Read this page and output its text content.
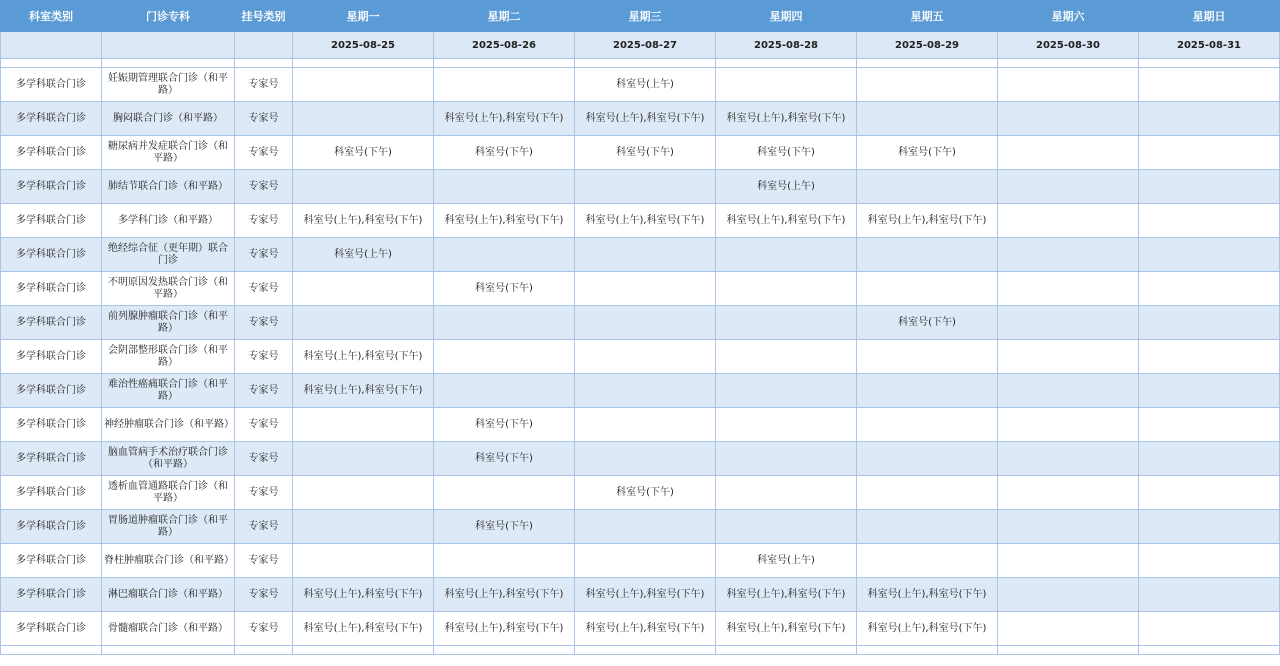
科室类别	门诊专科	挂号类别	星期一	星期二	星期三	星期四	星期五	星期六	星期日
			2025-08-25	2025-08-26	2025-08-27	2025-08-28	2025-08-29	2025-08-30	2025-08-31

多学科联合门诊	妊娠期管理联合门诊（和平路）	专家号			科室号(上午)				
多学科联合门诊	胸闷联合门诊（和平路）	专家号		科室号(上午),科室号(下午)	科室号(上午),科室号(下午)	科室号(上午),科室号(下午)			
多学科联合门诊	糖尿病并发症联合门诊（和平路）	专家号	科室号(下午)	科室号(下午)	科室号(下午)	科室号(下午)	科室号(下午)		
多学科联合门诊	肺结节联合门诊（和平路）	专家号				科室号(上午)			
多学科联合门诊	多学科门诊（和平路）	专家号	科室号(上午),科室号(下午)	科室号(上午),科室号(下午)	科室号(上午),科室号(下午)	科室号(上午),科室号(下午)	科室号(上午),科室号(下午)		
多学科联合门诊	绝经综合征（更年期）联合门诊	专家号	科室号(上午)						
多学科联合门诊	不明原因发热联合门诊（和平路）	专家号		科室号(下午)					
多学科联合门诊	前列腺肿瘤联合门诊（和平路）	专家号					科室号(下午)		
多学科联合门诊	会阴部整形联合门诊（和平路）	专家号	科室号(上午),科室号(下午)						
多学科联合门诊	难治性癌痛联合门诊（和平路）	专家号	科室号(上午),科室号(下午)						
多学科联合门诊	神经肿瘤联合门诊（和平路）	专家号		科室号(下午)					
多学科联合门诊	脑血管病手术治疗联合门诊（和平路）	专家号		科室号(下午)					
多学科联合门诊	透析血管通路联合门诊（和平路）	专家号			科室号(下午)				
多学科联合门诊	胃肠道肿瘤联合门诊（和平路）	专家号		科室号(下午)					
多学科联合门诊	脊柱肿瘤联合门诊（和平路）	专家号				科室号(上午)			
多学科联合门诊	淋巴瘤联合门诊（和平路）	专家号	科室号(上午),科室号(下午)	科室号(上午),科室号(下午)	科室号(上午),科室号(下午)	科室号(上午),科室号(下午)	科室号(上午),科室号(下午)		
多学科联合门诊	骨髓瘤联合门诊（和平路）	专家号	科室号(上午),科室号(下午)	科室号(上午),科室号(下午)	科室号(上午),科室号(下午)	科室号(上午),科室号(下午)	科室号(上午),科室号(下午)		
